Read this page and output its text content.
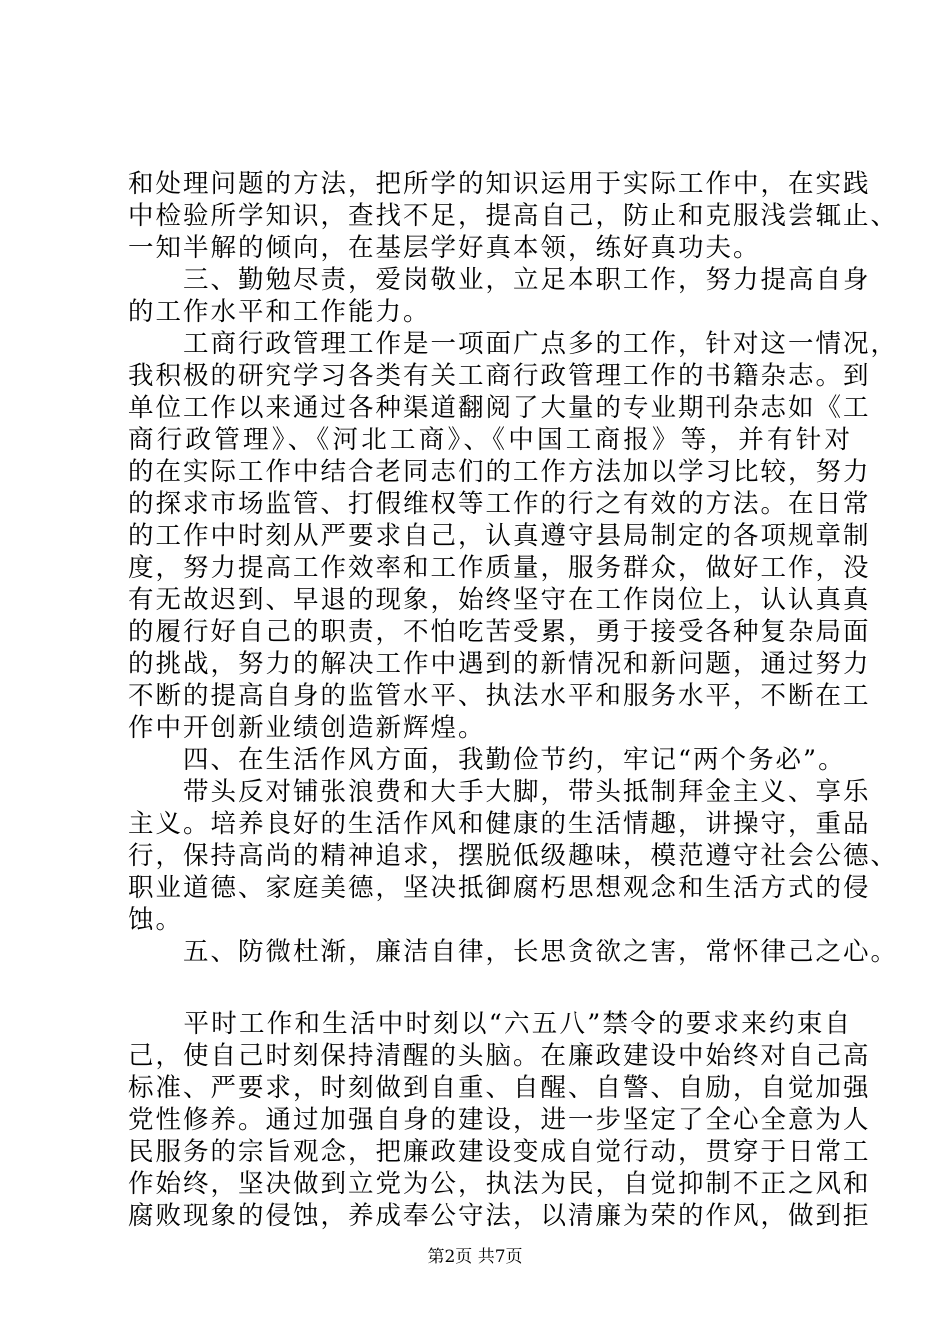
和处理问题的方法，把所学的知识运用于实际工作中，在实践
中检验所学知识，查找不足，提高自己，防止和克服浅尝辄止、
一知半解的倾向，在基层学好真本领，练好真功夫。
　　三、勤勉尽责，爱岗敬业，立足本职工作，努力提高自身
的工作水平和工作能力。
　　工商行政管理工作是一项面广点多的工作，针对这一情况，
我积极的研究学习各类有关工商行政管理工作的书籍杂志。到
单位工作以来通过各种渠道翻阅了大量的专业期刊杂志如《工
商行政管理》、《河北工商》、《中国工商报》等，并有针对
的在实际工作中结合老同志们的工作方法加以学习比较，努力
的探求市场监管、打假维权等工作的行之有效的方法。在日常
的工作中时刻从严要求自己，认真遵守县局制定的各项规章制
度，努力提高工作效率和工作质量，服务群众，做好工作，没
有无故迟到、早退的现象，始终坚守在工作岗位上，认认真真
的履行好自己的职责，不怕吃苦受累，勇于接受各种复杂局面
的挑战，努力的解决工作中遇到的新情况和新问题，通过努力
不断的提高自身的监管水平、执法水平和服务水平，不断在工
作中开创新业绩创造新辉煌。
　　四、在生活作风方面，我勤俭节约，牢记“两个务必”。
　　带头反对铺张浪费和大手大脚，带头抵制拜金主义、享乐
主义。培养良好的生活作风和健康的生活情趣，讲操守，重品
行，保持高尚的精神追求，摆脱低级趣味，模范遵守社会公德、
职业道德、家庭美德，坚决抵御腐朽思想观念和生活方式的侵
蚀。
　　五、防微杜渐，廉洁自律，长思贪欲之害，常怀律己之心。
　　平时工作和生活中时刻以“六五八”禁令的要求来约束自
己，使自己时刻保持清醒的头脑。在廉政建设中始终对自己高
标准、严要求，时刻做到自重、自醒、自警、自励，自觉加强
党性修养。通过加强自身的建设，进一步坚定了全心全意为人
民服务的宗旨观念，把廉政建设变成自觉行动，贯穿于日常工
作始终，坚决做到立党为公，执法为民，自觉抑制不正之风和
腐败现象的侵蚀，养成奉公守法，以清廉为荣的作风，做到拒
第2页 共7页
